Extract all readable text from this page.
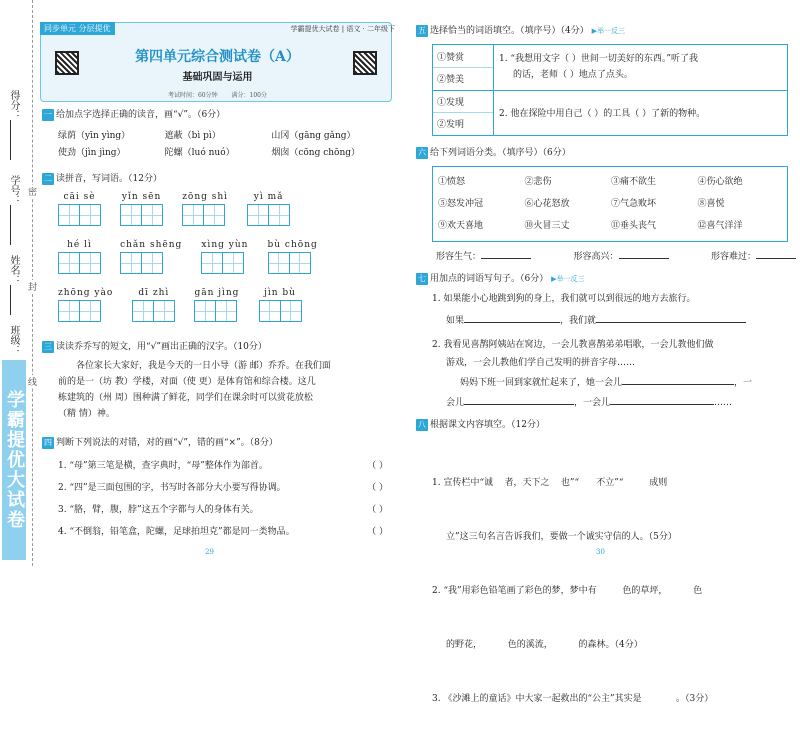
得分：
学号：
姓名：
班级：
学霸提优大试卷
密
封
线
同步单元 分层提优	学霸提优大试卷 | 语文 · 二年级下
第四单元综合测试卷（A）
基础巩固与运用
考试时间：60分钟 满分：100分
一 给加点字选择正确的读音，画“√”。（6分）
绿荫（yīn yìng）	遮蔽（bì pì）	山冈（gāng gǎng）
使劲（jìn jìng）	陀螺（luó nuó）	烟囱（cōng chōng）
二 读拼音，写词语。（12分）
cāi sè
	yǐn sēn
zōng shì
	yì mǎ
hé lì
	chǎn shēng
xìng yùn
bù chōng
zhōng yào
	dī zhì
	gān jìng
	jìn bù
三 读读乔乔写的短文，用“√”画出正确的汉字。（10分）
各位家长大家好，我是今天的一日小导（游 邮）乔乔。在我们面
前的是一（坊 教）学楼，对面（使 更）是体育馆和综合楼。这几
栋建筑的（州 周）围种满了鲜花，同学们在课余时可以赏花放松
（精 情）神。
四 判断下列说法的对错，对的画“√”，错的画“×”。（8分）
1. “母”第三笔是横，查字典时，“母”整体作为部首。	（ ）
2. “四”是三面包围的字，书写时各部分大小要写得协调。	（ ）
3. “胳，臂，腹，脖”这五个字都与人的身体有关。	（ ）
4. “不倒翁，铅笔盒，陀螺，足球拍坦克”都是同一类物品。	（ ）
29
五 选择恰当的词语填空。（填序号）（4分） ▶举一反三
①赞赏
②赞美
1. “我想用文字（ ）世间一切美好的东西。”听了我
的话，老师（ ）地点了点头。
①发现
②发明
2. 他在探险中用自己（ ）的工具（ ）了新的物种。
六 给下列词语分类。（填序号）（6分）
①愤怒	②悲伤	③痛不欲生	④伤心欲绝
⑤怒发冲冠	⑥心花怒放	⑦气急败坏	⑧喜悦
⑨欢天喜地	⑩火冒三丈	⑪垂头丧气	⑫喜气洋洋
形容生气：	形容高兴：	形容难过：
七 用加点的词语写句子。（6分） ▶举一反三
1. 如果能小心地跳到狗的身上，我们就可以到很远的地方去旅行。
如果	，我们就
2. 我看见喜鹊阿姨站在窝边，一会儿教喜鹊弟弟唱歌，一会儿教他们做
游戏，一会儿教他们学自己发明的拼音字母……
妈妈下班一回到家就忙起来了，她一会儿	，一
会儿	，一会儿	……
八 根据课文内容填空。（12分）

1. 宣传栏中“诚    者，天下之    也”“      不立”“         成则

立”这三句名言告诉我们，要做一个诚实守信的人。（5分）

2. “我”用彩色铅笔画了彩色的梦，梦中有         色的草坪，         色

的野花，         色的溪流，         的森林。（4分）

3. 《沙滩上的童话》中大家一起救出的“公主”其实是            。（3分）

30
